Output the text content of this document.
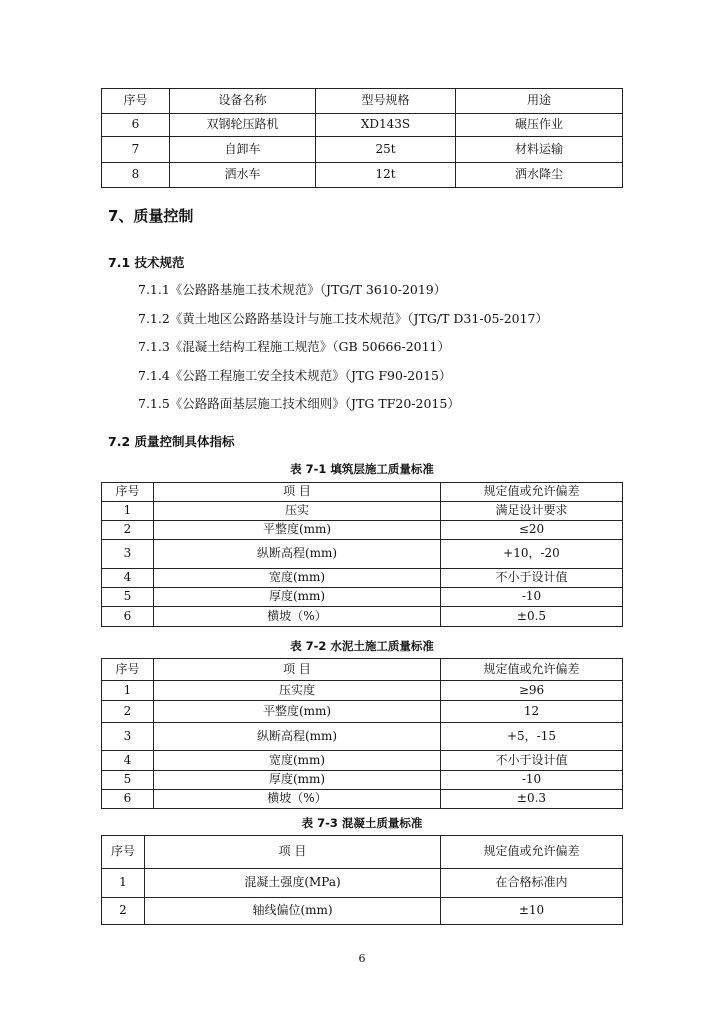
序号	设备名称	型号规格	用途
6	双钢轮压路机	XD143S	碾压作业
7	自卸车	25t	材料运输
8	洒水车	12t	洒水降尘
7、质量控制
7.1 技术规范
7.1.1《公路路基施工技术规范》（JTG/T 3610-2019）
7.1.2《黄土地区公路路基设计与施工技术规范》（JTG/T D31-05-2017）
7.1.3《混凝土结构工程施工规范》（GB 50666-2011）
7.1.4《公路工程施工安全技术规范》（JTG F90-2015）
7.1.5《公路路面基层施工技术细则》（JTG TF20-2015）
7.2 质量控制具体指标
表 7-1 填筑层施工质量标准
序号	项 目	规定值或允许偏差
1	压实	满足设计要求
2	平整度(mm)	≤20
3	纵断高程(mm)	+10，-20
4	宽度(mm)	不小于设计值
5	厚度(mm)	-10
6	横坡（%）	±0.5
表 7-2 水泥土施工质量标准
序号	项 目	规定值或允许偏差
1	压实度	≥96
2	平整度(mm)	12
3	纵断高程(mm)	+5，-15
4	宽度(mm)	不小于设计值
5	厚度(mm)	-10
6	横坡（%）	±0.3
表 7-3 混凝土质量标准
序号	项 目	规定值或允许偏差
1	混凝土强度(MPa)	在合格标准内
2	轴线偏位(mm)	±10
6
